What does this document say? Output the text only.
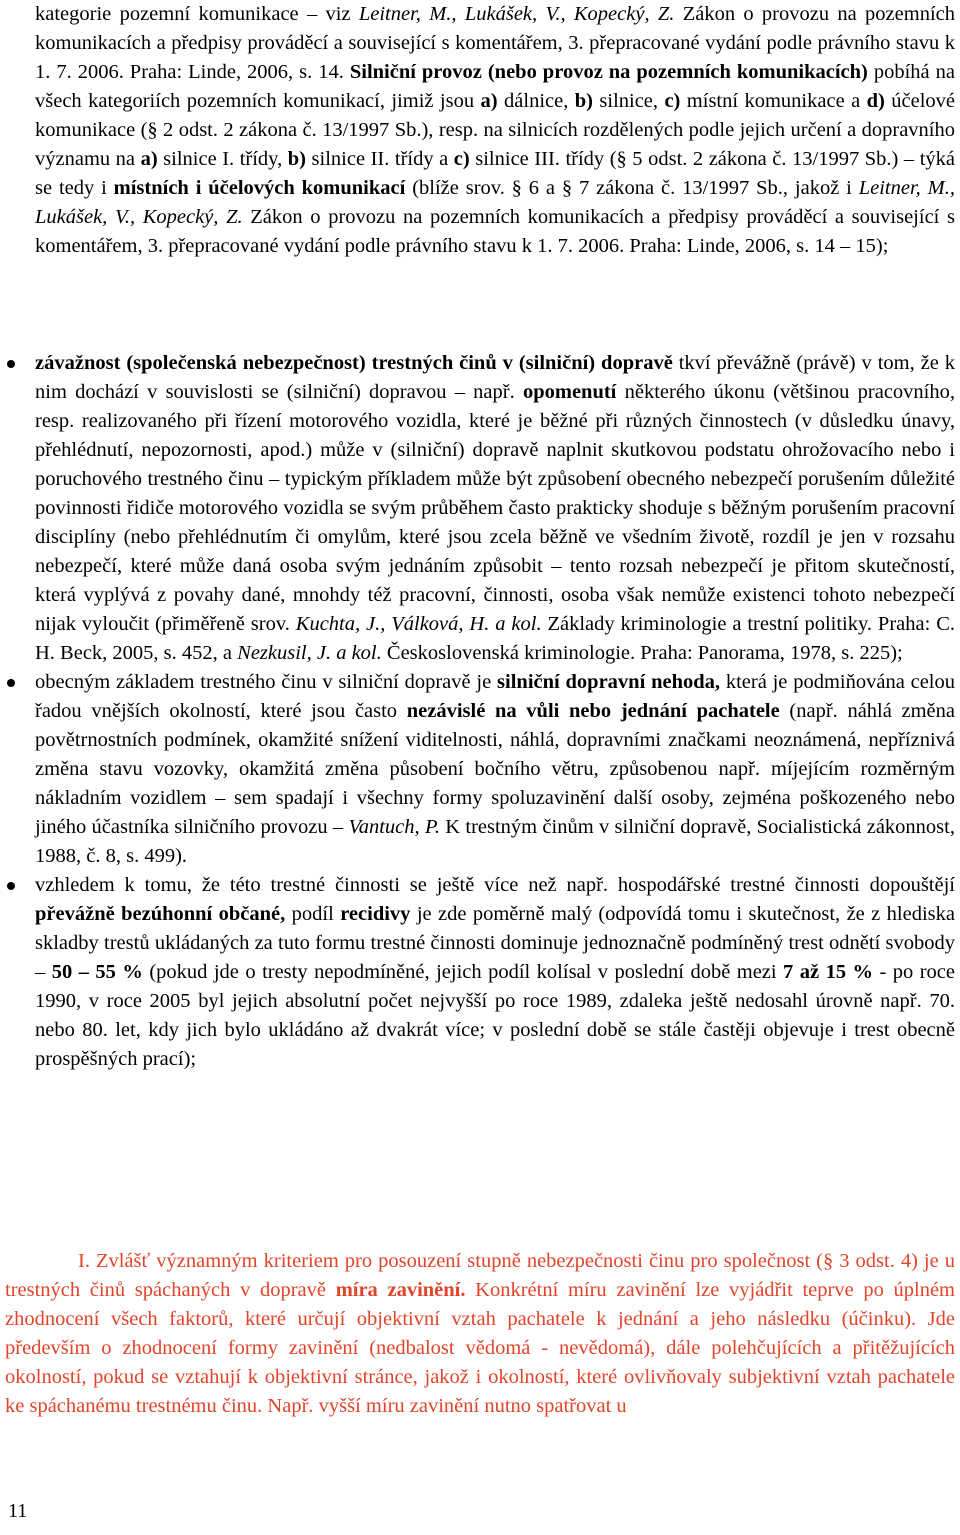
kategorie pozemní komunikace – viz Leitner, M., Lukášek, V., Kopecký, Z. Zákon o provozu na pozemních komunikacích a předpisy prováděcí a související s komentářem, 3. přepracované vydání podle právního stavu k 1. 7. 2006. Praha: Linde, 2006, s. 14. Silniční provoz (nebo provoz na pozemních komunikacích) pobíhá na všech kategoriích pozemních komunikací, jimiž jsou a) dálnice, b) silnice, c) místní komunikace a d) účelové komunikace (§ 2 odst. 2 zákona č. 13/1997 Sb.), resp. na silnicích rozdělených podle jejich určení a dopravního významu na a) silnice I. třídy, b) silnice II. třídy a c) silnice III. třídy (§ 5 odst. 2 zákona č. 13/1997 Sb.) – týká se tedy i místních i účelových komunikací (blíže srov. § 6 a § 7 zákona č. 13/1997 Sb., jakož i Leitner, M., Lukášek, V., Kopecký, Z. Zákon o provozu na pozemních komunikacích a předpisy prováděcí a související s komentářem, 3. přepracované vydání podle právního stavu k 1. 7. 2006. Praha: Linde, 2006, s. 14 – 15);
závažnost (společenská nebezpečnost) trestných činů v (silniční) dopravě tkví převážně (právě) v tom, že k nim dochází v souvislosti se (silniční) dopravou – např. opomenutí některého úkonu (většinou pracovního, resp. realizovaného při řízení motorového vozidla, které je běžné při různých činnostech (v důsledku únavy, přehlédnutí, nepozornosti, apod.) může v (silniční) dopravě naplnit skutkovou podstatu ohrožovacího nebo i poruchového trestného činu – typickým příkladem může být způsobení obecného nebezpečí porušením důležité povinnosti řidiče motorového vozidla se svým průběhem často prakticky shoduje s běžným porušením pracovní disciplíny (nebo přehlédnutím či omylům, které jsou zcela běžně ve všedním životě, rozdíl je jen v rozsahu nebezpečí, které může daná osoba svým jednáním způsobit – tento rozsah nebezpečí je přitom skutečností, která vyplývá z povahy dané, mnohdy též pracovní, činnosti, osoba však nemůže existenci tohoto nebezpečí nijak vyloučit (přiměřeně srov. Kuchta, J., Válková, H. a kol. Základy kriminologie a trestní politiky. Praha: C. H. Beck, 2005, s. 452, a Nezkusil, J. a kol. Československá kriminologie. Praha: Panorama, 1978, s. 225);
obecným základem trestného činu v silniční dopravě je silniční dopravní nehoda, která je podmiňována celou řadou vnějších okolností, které jsou často nezávislé na vůli nebo jednání pachatele (např. náhlá změna povětrnostních podmínek, okamžité snížení viditelnosti, náhlá, dopravními značkami neoznámená, nepříznivá změna stavu vozovky, okamžitá změna působení bočního větru, způsobenou např. míjejícím rozměrným nákladním vozidlem – sem spadají i všechny formy spoluzavinění další osoby, zejména poškozeného nebo jiného účastníka silničního provozu – Vantuch, P. K trestným činům v silniční dopravě, Socialistická zákonnost, 1988, č. 8, s. 499).
vzhledem k tomu, že této trestné činnosti se ještě více než např. hospodářské trestné činnosti dopouštějí převážně bezúhonní občané, podíl recidivy je zde poměrně malý (odpovídá tomu i skutečnost, že z hlediska skladby trestů ukládaných za tuto formu trestné činnosti dominuje jednoznačně podmíněný trest odnětí svobody – 50 – 55 % (pokud jde o tresty nepodmíněné, jejich podíl kolísal v poslední době mezi 7 až 15 % - po roce 1990, v roce 2005 byl jejich absolutní počet nejvyšší po roce 1989, zdaleka ještě nedosahl úrovně např. 70. nebo 80. let, kdy jich bylo ukládáno až dvakrát více; v poslední době se stále častěji objevuje i trest obecně prospěšných prací);
I. Zvlášť významným kriteriem pro posouzení stupně nebezpečnosti činu pro společnost (§ 3 odst. 4) je u trestných činů spáchaných v dopravě míra zavinění. Konkrétní míru zavinění lze vyjádřit teprve po úplném zhodnocení všech faktorů, které určují objektivní vztah pachatele k jednání a jeho následku (účinku). Jde především o zhodnocení formy zavinění (nedbalost vědomá - nevědomá), dále polehčujících a přitěžujících okolností, pokud se vztahují k objektivní stránce, jakož i okolností, které ovlivňovaly subjektivní vztah pachatele ke spáchanému trestnému činu. Např. vyšší míru zavinění nutno spatřovat u
11
